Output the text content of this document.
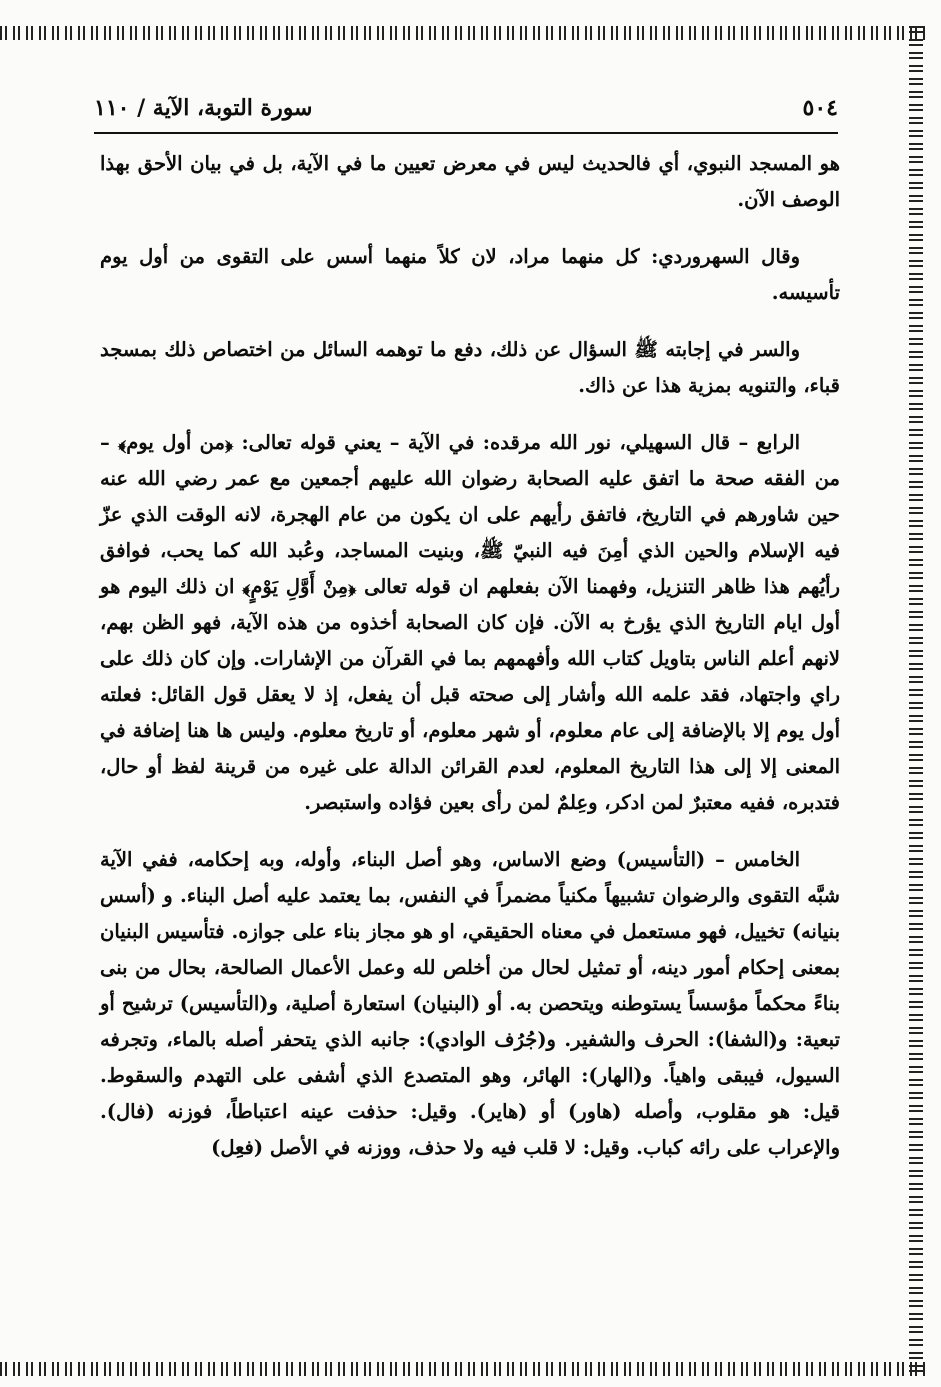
٥٠٤
سورة التوبة، الآية / ١١٠

هو المسجد النبوي، أي فالحديث ليس في معرض تعيين ما في الآية، بل في بيان الأحق بهذا الوصف الآن.

وقال السهروردي: كل منهما مراد، لان كلاً منهما أسس على التقوى من أول يوم تأسيسه.

والسر في إجابته ﷺ السؤال عن ذلك، دفع ما توهمه السائل من اختصاص ذلك بمسجد قباء، والتنويه بمزية هذا عن ذاك.

الرابع – قال السهيلي، نور الله مرقده: في الآية – يعني قوله تعالى: ﴿من أول يوم﴾ – من الفقه صحة ما اتفق عليه الصحابة رضوان الله عليهم أجمعين مع عمر رضي الله عنه حين شاورهم في التاريخ، فاتفق رأيهم على ان يكون من عام الهجرة، لانه الوقت الذي عزّ فيه الإسلام والحين الذي أمِنَ فيه النبيّ ﷺ، وبنيت المساجد، وعُبد الله كما يحب، فوافق رأيُهم هذا ظاهر التنزيل، وفهمنا الآن بفعلهم ان قوله تعالى ﴿مِنْ أَوَّلِ يَوْمٍ﴾ ان ذلك اليوم هو أول ايام التاريخ الذي يؤرخ به الآن. فإن كان الصحابة أخذوه من هذه الآية، فهو الظن بهم، لانهم أعلم الناس بتاويل كتاب الله وأفهمهم بما في القرآن من الإشارات. وإن كان ذلك على راي واجتهاد، فقد علمه الله وأشار إلى صحته قبل أن يفعل، إذ لا يعقل قول القائل: فعلته أول يوم إلا بالإضافة إلى عام معلوم، أو شهر معلوم، أو تاريخ معلوم. وليس ها هنا إضافة في المعنى إلا إلى هذا التاريخ المعلوم، لعدم القرائن الدالة على غيره من قرينة لفظ أو حال، فتدبره، ففيه معتبرٌ لمن ادكر، وعِلمٌ لمن رأى بعين فؤاده واستبصر.

الخامس – (التأسيس) وضع الاساس، وهو أصل البناء، وأوله، وبه إحكامه، ففي الآية شبَّه التقوى والرضوان تشبيهاً مكنياً مضمراً في النفس، بما يعتمد عليه أصل البناء. و (أسس بنيانه) تخييل، فهو مستعمل في معناه الحقيقي، او هو مجاز بناء على جوازه. فتأسيس البنيان بمعنى إحكام أمور دينه، أو تمثيل لحال من أخلص لله وعمل الأعمال الصالحة، بحال من بنى بناءً محكماً مؤسساً يستوطنه ويتحصن به. أو (البنيان) استعارة أصلية، و(التأسيس) ترشيح أو تبعية: و(الشفا): الحرف والشفير. و(جُرُف الوادي): جانبه الذي يتحفر أصله بالماء، وتجرفه السيول، فيبقى واهياً. و(الهار): الهائر، وهو المتصدع الذي أشفى على التهدم والسقوط. قيل: هو مقلوب، وأصله (هاور) أو (هاير). وقيل: حذفت عينه اعتباطاً، فوزنه (فال). والإعراب على رائه كباب. وقيل: لا قلب فيه ولا حذف، ووزنه في الأصل (فعِل)
